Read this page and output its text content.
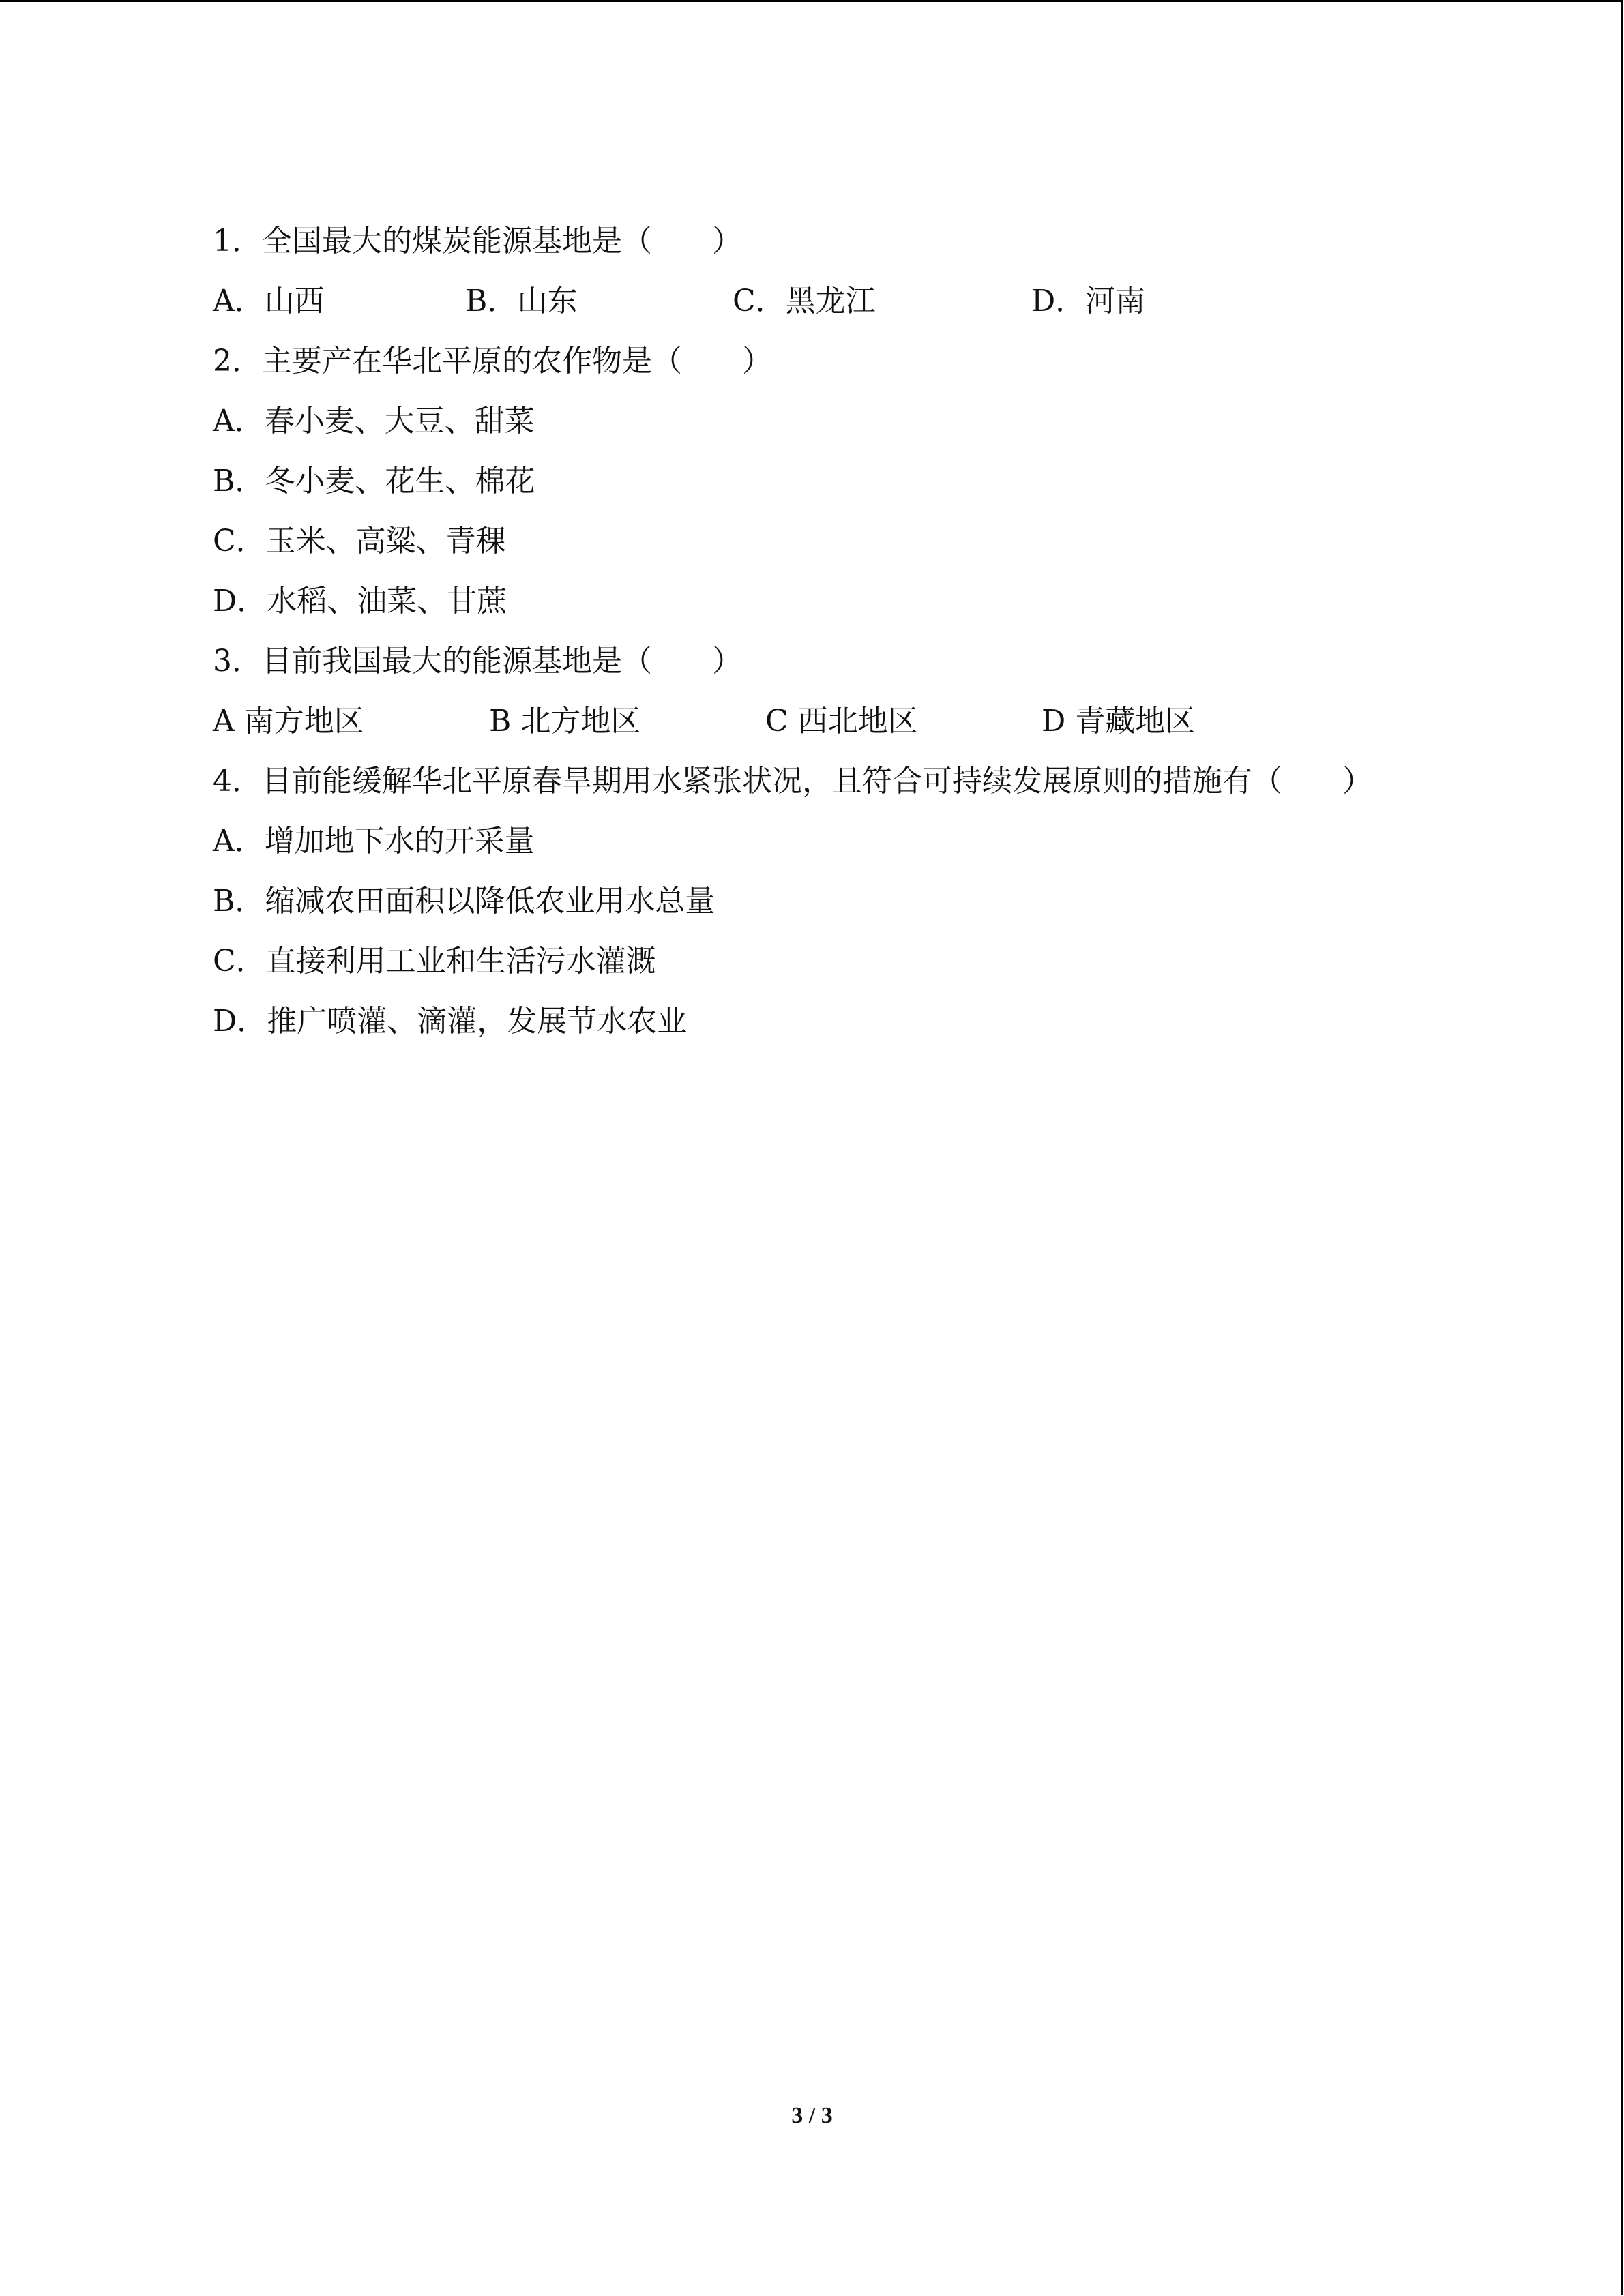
1．全国最大的煤炭能源基地是（　　）
A．山西	B．山东	C．黑龙江	D．河南
2．主要产在华北平原的农作物是（　　）
A．春小麦、大豆、甜菜
B．冬小麦、花生、棉花
C．玉米、高粱、青稞
D．水稻、油菜、甘蔗
3．目前我国最大的能源基地是（　　）
A 南方地区	B 北方地区	C 西北地区	D 青藏地区
4．目前能缓解华北平原春旱期用水紧张状况，且符合可持续发展原则的措施有（　　）
A．增加地下水的开采量
B．缩减农田面积以降低农业用水总量
C．直接利用工业和生活污水灌溉
D．推广喷灌、滴灌，发展节水农业
3 / 3
